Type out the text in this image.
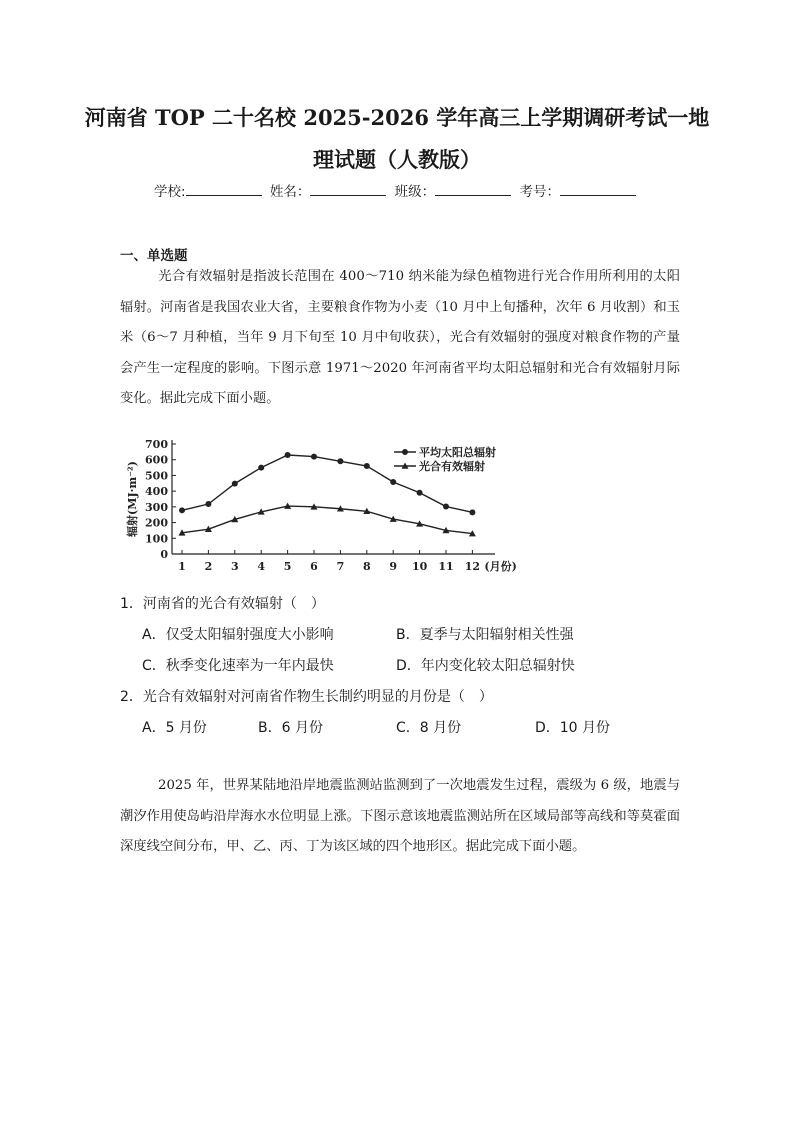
河南省 TOP 二十名校 2025-2026 学年高三上学期调研考试一地
理试题（人教版）
学校:	姓名：	班级：	考号：
一、单选题
光合有效辐射是指波长范围在 400～710 纳米能为绿色植物进行光合作用所利用的太阳辐射。河南省是我国农业大省，主要粮食作物为小麦（10 月中上旬播种，次年 6 月收割）和玉米（6～7 月种植，当年 9 月下旬至 10 月中旬收获），光合有效辐射的强度对粮食作物的产量会产生一定程度的影响。下图示意 1971～2020 年河南省平均太阳总辐射和光合有效辐射月际变化。据此完成下面小题。
0
100
200
300
400
500
600
700
1 2 3 4 5 6 7 8 9 10 11 12 (月份)
辐射(MJ·m⁻²)
平均太阳总辐射
光合有效辐射
1．河南省的光合有效辐射（　）
A．仅受太阳辐射强度大小影响	B．夏季与太阳辐射相关性强
C．秋季变化速率为一年内最快	D．年内变化较太阳总辐射快
2．光合有效辐射对河南省作物生长制约明显的月份是（　）
A．5 月份	B．6 月份	C．8 月份	D．10 月份
2025 年，世界某陆地沿岸地震监测站监测到了一次地震发生过程，震级为 6 级，地震与潮汐作用使岛屿沿岸海水水位明显上涨。下图示意该地震监测站所在区域局部等高线和等莫霍面深度线空间分布，甲、乙、丙、丁为该区域的四个地形区。据此完成下面小题。
